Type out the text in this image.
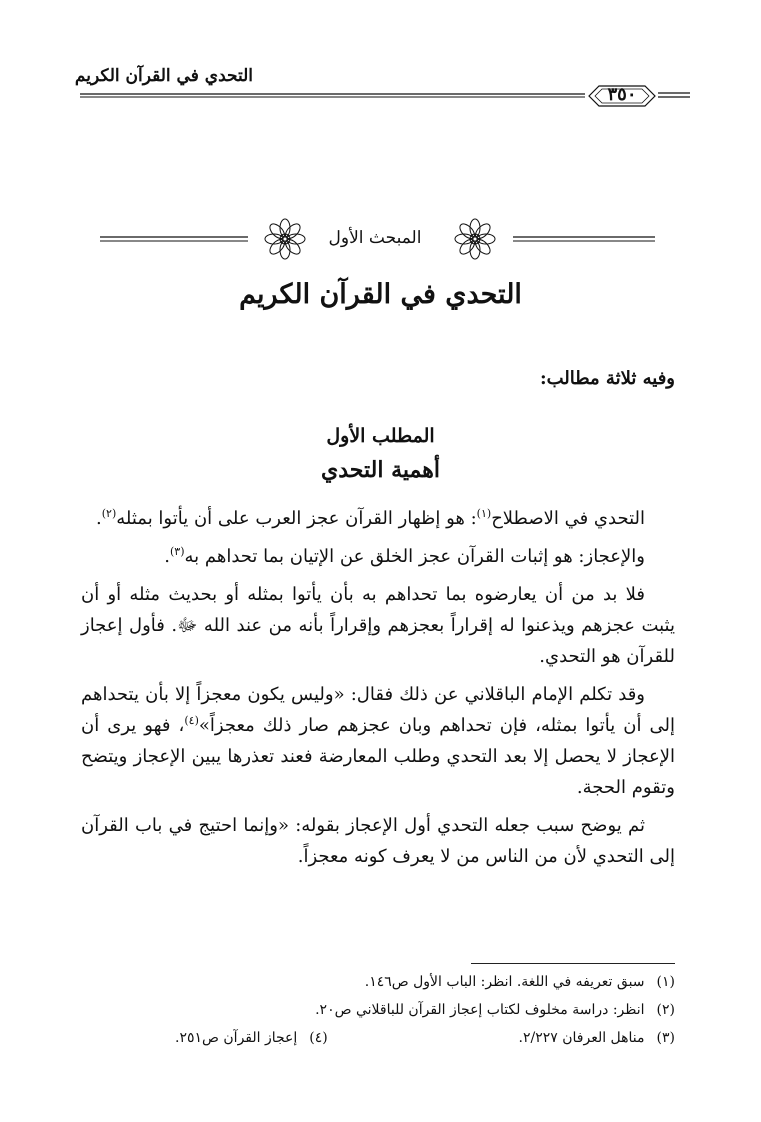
التحدي في القرآن الكريم
٣٥٠
المبحث الأول
التحدي في القرآن الكريم
وفيه ثلاثة مطالب:
المطلب الأول
أهمية التحدي

التحدي في الاصطلاح$^{(١)}$: هو إظهار القرآن عجز العرب على أن يأتوا بمثله$^{(٢)}$.

والإعجاز: هو إثبات القرآن عجز الخلق عن الإتيان بما تحداهم به$^{(٣)}$.

فلا بد من أن يعارضوه بما تحداهم به بأن يأتوا بمثله أو بحديث مثله أو أن يثبت عجزهم ويذعنوا له إقراراً بعجزهم وإقراراً بأنه من عند الله ﷻ. فأول إعجاز للقرآن هو التحدي.

وقد تكلم الإمام الباقلاني عن ذلك فقال: «وليس يكون معجزاً إلا بأن يتحداهم إلى أن يأتوا بمثله، فإن تحداهم وبان عجزهم صار ذلك معجزاً»$^{(٤)}$، فهو يرى أن الإعجاز لا يحصل إلا بعد التحدي وطلب المعارضة فعند تعذرها يبين الإعجاز ويتضح وتقوم الحجة.

ثم يوضح سبب جعله التحدي أول الإعجاز بقوله: «وإنما احتيج في باب القرآن إلى التحدي لأن من الناس من لا يعرف كونه معجزاً.

(١)
سبق تعريفه في اللغة. انظر: الباب الأول ص١٤٦.
(٢)
انظر: دراسة مخلوف لكتاب إعجاز القرآن للباقلاني ص٢٠.
(٣)
مناهل العرفان ٢/٢٢٧.
(٤)
إعجاز القرآن ص٢٥١.
